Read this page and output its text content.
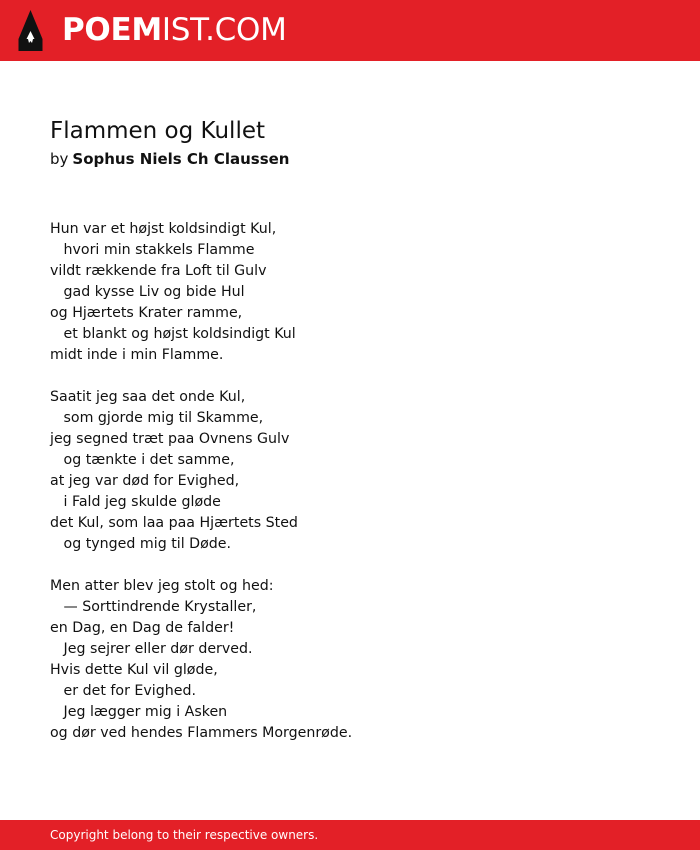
POEMIST.COM
Flammen og Kullet
by Sophus Niels Ch Claussen
Hun var et højst koldsindigt Kul,
hvori min stakkels Flamme
vildt rækkende fra Loft til Gulv
gad kysse Liv og bide Hul
og Hjærtets Krater ramme,
et blankt og højst koldsindigt Kul
midt inde i min Flamme.
Saatit jeg saa det onde Kul,
som gjorde mig til Skamme,
jeg segned træt paa Ovnens Gulv
og tænkte i det samme,
at jeg var død for Evighed,
i Fald jeg skulde gløde
det Kul, som laa paa Hjærtets Sted
og tynged mig til Døde.
Men atter blev jeg stolt og hed:
— Sorttindrende Krystaller,
en Dag, en Dag de falder!
Jeg sejrer eller dør derved.
Hvis dette Kul vil gløde,
er det for Evighed.
Jeg lægger mig i Asken
og dør ved hendes Flammers Morgenrøde.
Copyright belong to their respective owners.
